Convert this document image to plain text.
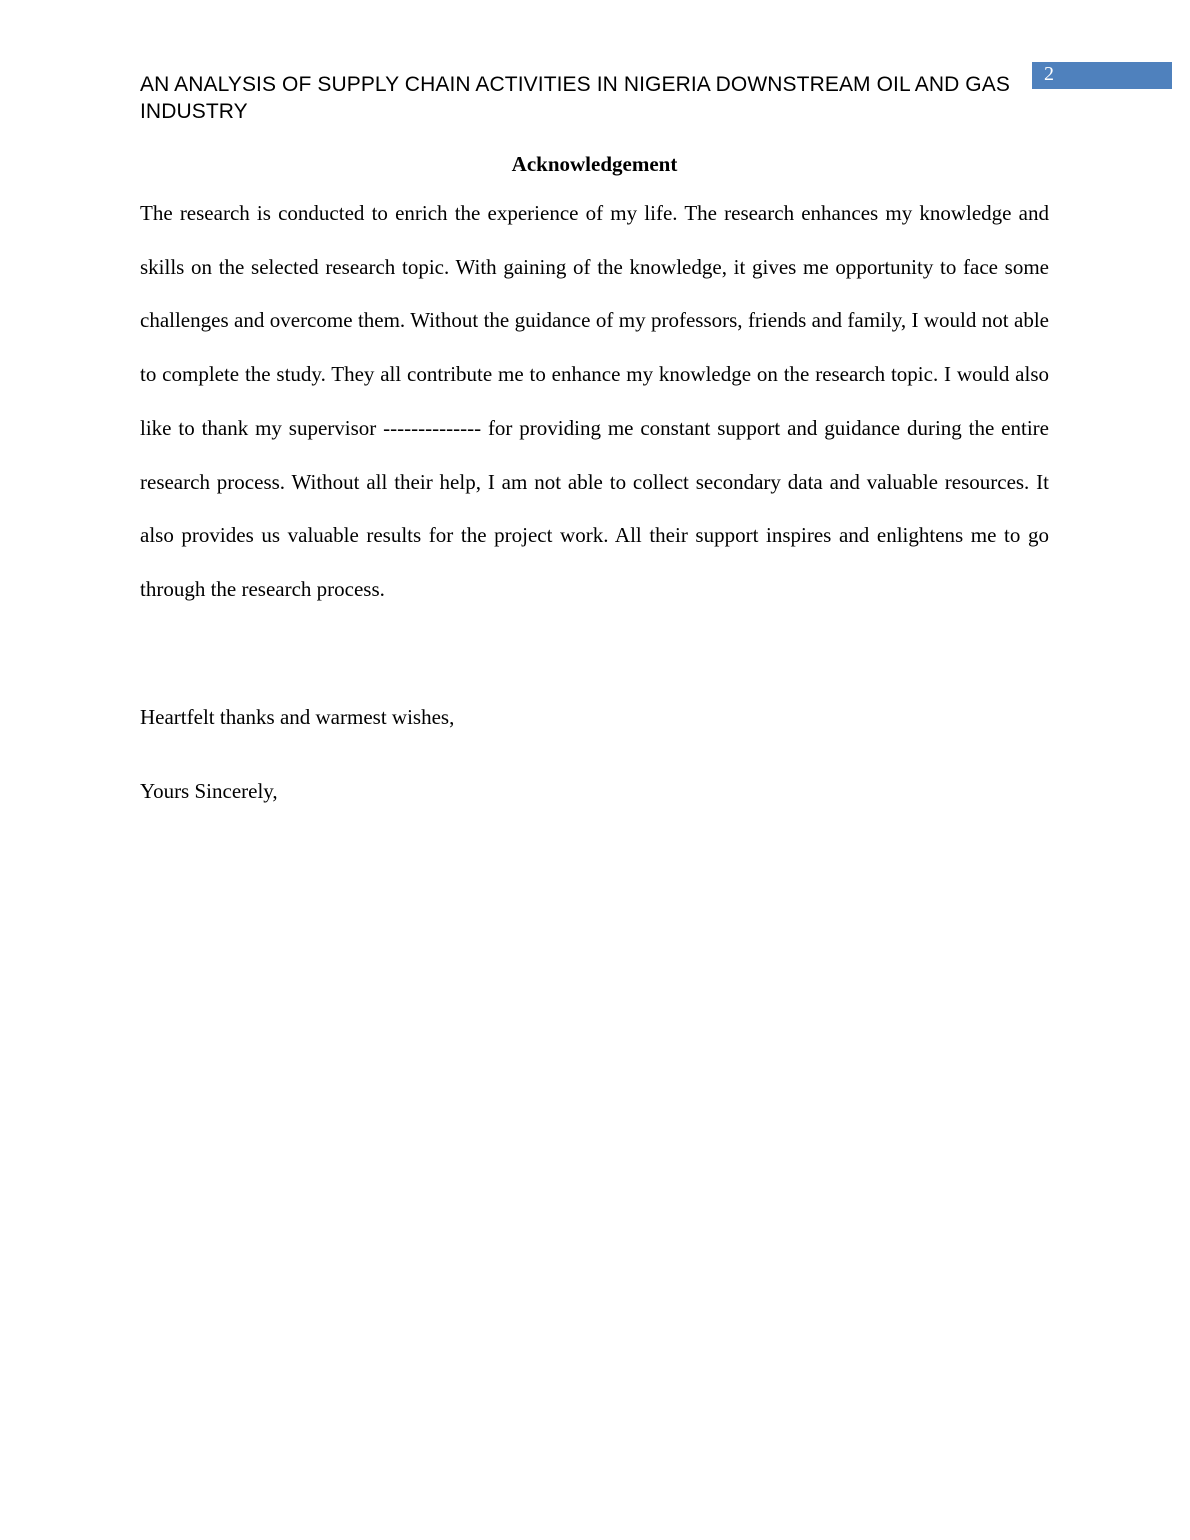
2
AN ANALYSIS OF SUPPLY CHAIN ACTIVITIES IN NIGERIA DOWNSTREAM OIL AND GAS INDUSTRY
Acknowledgement

The research is conducted to enrich the experience of my life. The research enhances my knowledge and skills on the selected research topic. With gaining of the knowledge, it gives me opportunity to face some challenges and overcome them. Without the guidance of my professors, friends and family, I would not able to complete the study. They all contribute me to enhance my knowledge on the research topic. I would also like to thank my supervisor -------------- for providing me constant support and guidance during the entire research process. Without all their help, I am not able to collect secondary data and valuable resources. It also provides us valuable results for the project work. All their support inspires and enlightens me to go through the research process.

Heartfelt thanks and warmest wishes,

Yours Sincerely,
